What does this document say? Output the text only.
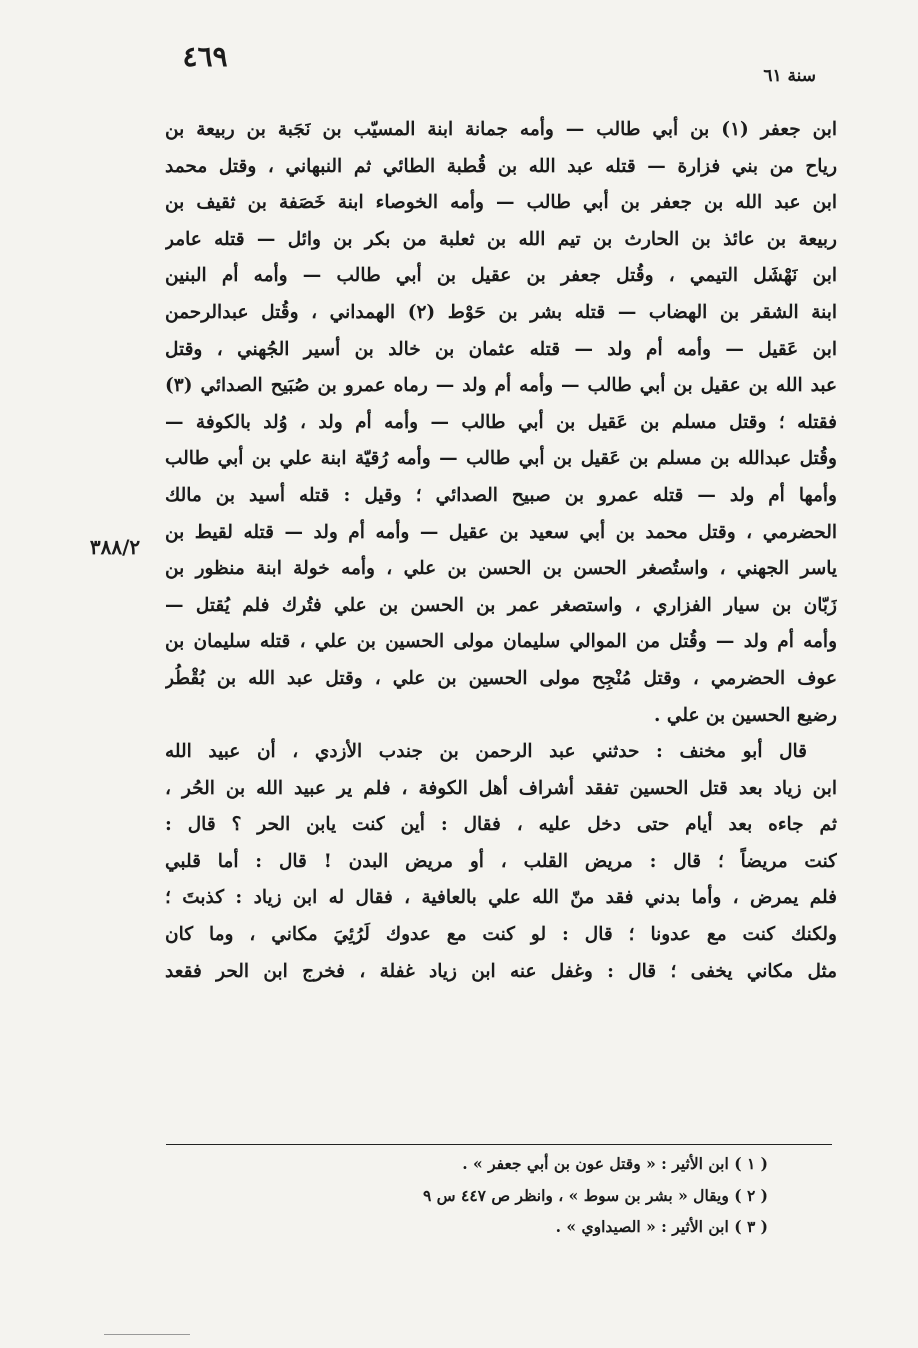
٤٦٩
سنة ٦١
٣٨٨/٢
ابن جعفر (١) بن أبي طالب — وأمه جمانة ابنة المسيّب بن نَجَبة بن ربيعة بن
رياح من بني فزارة — قتله عبد الله بن قُطبة الطائي ثم النبهاني ، وقتل محمد
ابن عبد الله بن جعفر بن أبي طالب — وأمه الخوصاء ابنة خَصَفة بن ثقيف بن
ربيعة بن عائذ بن الحارث بن تيم الله بن ثعلبة من بكر بن وائل — قتله عامر
ابن نَهْشَل التيمي ، وقُتل جعفر بن عقيل بن أبي طالب — وأمه أم البنين
ابنة الشقر بن الهضاب — قتله بشر بن حَوْط (٢) الهمداني ، وقُتل عبدالرحمن
ابن عَقيل — وأمه أم ولد — قتله عثمان بن خالد بن أسير الجُهني ، وقتل
عبد الله بن عقيل بن أبي طالب — وأمه أم ولد — رماه عمرو بن صُبَيح الصدائي (٣)
فقتله ؛ وقتل مسلم بن عَقيل بن أبي طالب — وأمه أم ولد ، وُلد بالكوفة —
وقُتل عبدالله بن مسلم بن عَقيل بن أبي طالب — وأمه رُقيّة ابنة علي بن أبي طالب
وأمها أم ولد — قتله عمرو بن صبيح الصدائي ؛ وقيل : قتله أسيد بن مالك
الحضرمي ، وقتل محمد بن أبي سعيد بن عقيل — وأمه أم ولد — قتله لقيط بن
ياسر الجهني ، واستُصغر الحسن بن الحسن بن علي ، وأمه خولة ابنة منظور بن
زَبّان بن سيار الفزاري ، واستصغر عمر بن الحسن بن علي فتُرك فلم يُقتل —
وأمه أم ولد — وقُتل من الموالي سليمان مولى الحسين بن علي ، قتله سليمان بن
عوف الحضرمي ، وقتل مُنْجِح مولى الحسين بن علي ، وقتل عبد الله بن بُقْطُر
رضيع الحسين بن علي .
قال أبو مخنف : حدثني عبد الرحمن بن جندب الأزدي ، أن عبيد الله
ابن زياد بعد قتل الحسين تفقد أشراف أهل الكوفة ، فلم ير عبيد الله بن الحُر ،
ثم جاءه بعد أيام حتى دخل عليه ، فقال : أين كنت يابن الحر ؟ قال :
كنت مريضاً ؛ قال : مريض القلب ، أو مريض البدن ! قال : أما قلبي
فلم يمرض ، وأما بدني فقد منّ الله علي بالعافية ، فقال له ابن زياد : كذبتَ ؛
ولكنك كنت مع عدونا ؛ قال : لو كنت مع عدوك لَرُئِيَ مكاني ، وما كان
مثل مكاني يخفى ؛ قال : وغفل عنه ابن زياد غفلة ، فخرج ابن الحر فقعد
( ١ ) ابن الأثير : « وقتل عون بن أبي جعفر » .
( ٢ ) ويقال « بشر بن سوط » ، وانظر ص ٤٤٧ س ٩
( ٣ ) ابن الأثير : « الصيداوي » .
